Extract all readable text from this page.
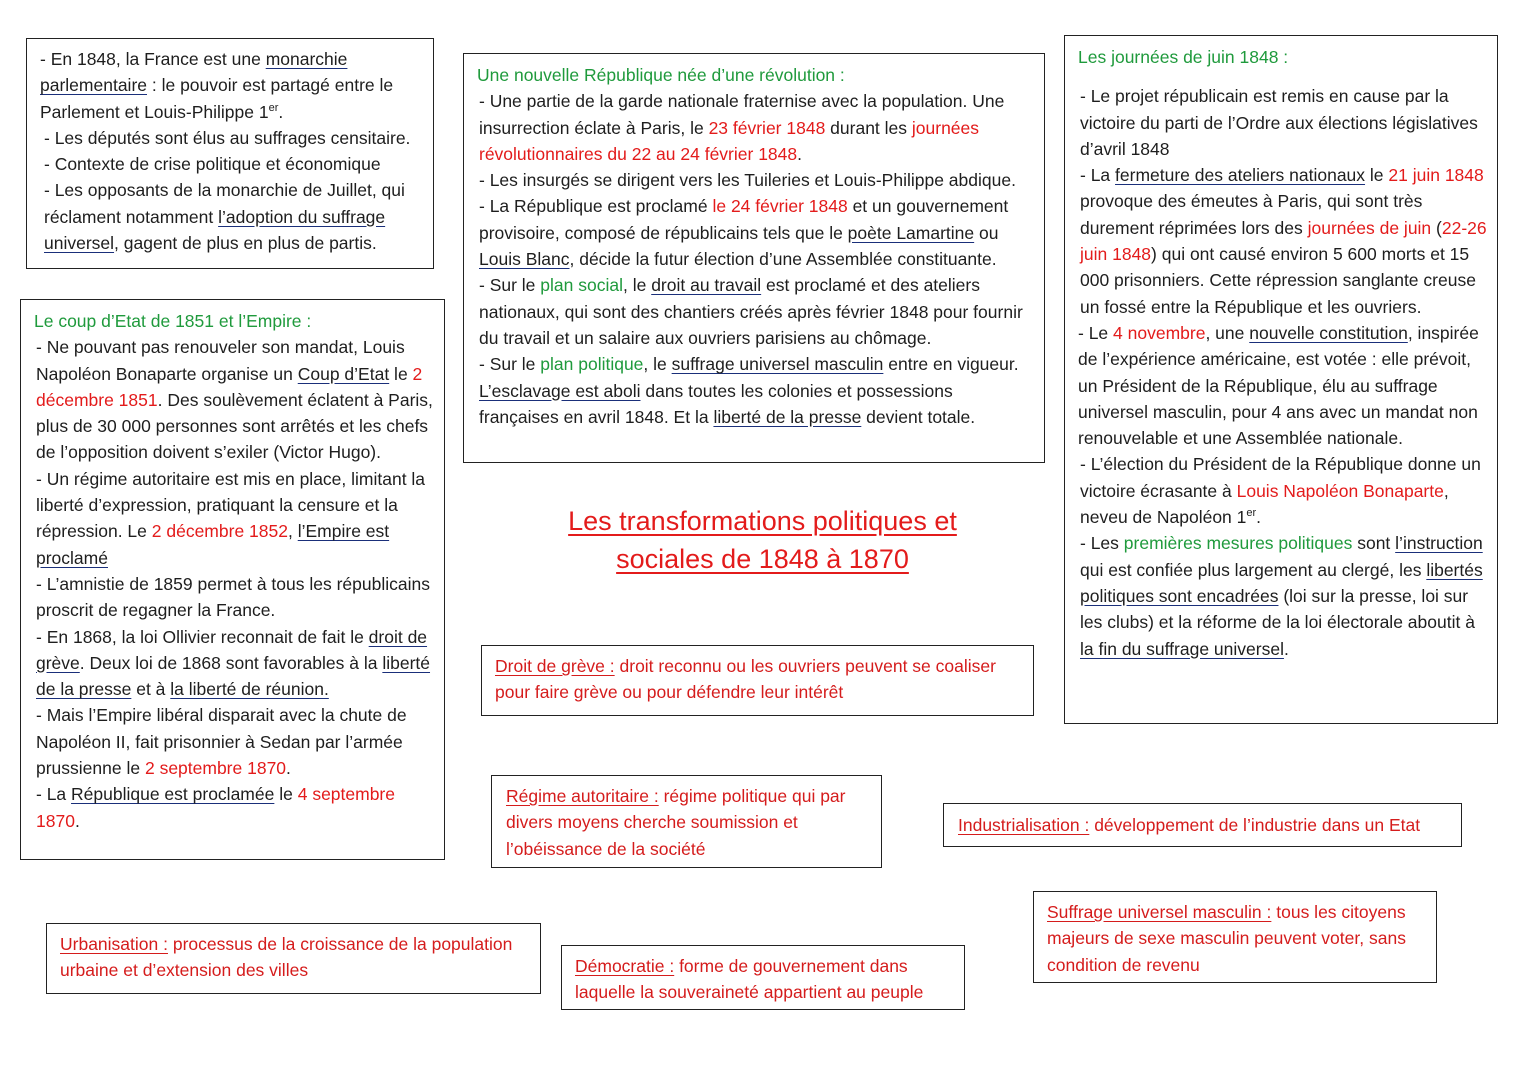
- En 1848, la France est une monarchie parlementaire : le pouvoir est partagé entre le Parlement et Louis-Philippe 1er.

- Les députés sont élus au suffrages censitaire.

- Contexte de crise politique et économique

- Les opposants de la monarchie de Juillet, qui réclament notamment l’adoption du suffrage universel, gagent de plus en plus de partis.

Une nouvelle République née d’une révolution :

- Une partie de la garde nationale fraternise avec la population. Une insurrection éclate à Paris, le 23 février 1848 durant les journées révolutionnaires du 22 au 24 février 1848.

- Les insurgés se dirigent vers les Tuileries et Louis-Philippe abdique.

- La République est proclamé le 24 février 1848 et un gouvernement provisoire, composé de républicains tels que le poète Lamartine ou Louis Blanc, décide la futur élection d’une Assemblée constituante.

- Sur le plan social, le droit au travail est proclamé et des ateliers nationaux, qui sont des chantiers créés après février 1848 pour fournir du travail et un salaire aux ouvriers parisiens au chômage.

- Sur le plan politique, le suffrage universel masculin entre en vigueur. L’esclavage est aboli dans toutes les colonies et possessions françaises en avril 1848. Et la liberté de la presse devient totale.

Les journées de juin 1848 :

- Le projet républicain est remis en cause par la victoire du parti de l’Ordre aux élections législatives d’avril 1848

- La fermeture des ateliers nationaux le 21 juin 1848 provoque des émeutes à Paris, qui sont très durement réprimées lors des journées de juin (22-26 juin 1848) qui ont causé environ 5 600 morts et 15 000 prisonniers. Cette répression sanglante creuse un fossé entre la République et les ouvriers.

- Le 4 novembre, une nouvelle constitution, inspirée de l’expérience américaine, est votée : elle prévoit, un Président de la République, élu au suffrage universel masculin, pour 4 ans avec un mandat non renouvelable et une Assemblée nationale.

- L’élection du Président de la République donne un victoire écrasante à Louis Napoléon Bonaparte, neveu de Napoléon 1er.

- Les premières mesures politiques sont l’instruction qui est confiée plus largement au clergé, les libertés politiques sont encadrées (loi sur la presse, loi sur les clubs) et la réforme de la loi électorale aboutit à la fin du suffrage universel.

Le coup d’Etat de 1851 et l’Empire :

- Ne pouvant pas renouveler son mandat, Louis Napoléon Bonaparte organise un Coup d’Etat le 2 décembre 1851. Des soulèvement éclatent à Paris, plus de 30 000 personnes sont arrêtés et les chefs de l’opposition doivent s’exiler (Victor Hugo).

- Un régime autoritaire est mis en place, limitant la liberté d’expression, pratiquant la censure et la répression. Le 2 décembre 1852, l’Empire est proclamé

- L’amnistie de 1859 permet à tous les républicains proscrit de regagner la France.

- En 1868, la loi Ollivier reconnait de fait le droit de grève. Deux loi de 1868 sont favorables à la liberté de la presse et à la liberté de réunion.

- Mais l’Empire libéral disparait avec la chute de Napoléon II, fait prisonnier à Sedan par l’armée prussienne le 2 septembre 1870.

- La République est proclamée le 4 septembre 1870.

Les transformations politiques et
sociales de 1848 à 1870
Droit de grève : droit reconnu ou les ouvriers peuvent se coaliser pour faire grève ou pour défendre leur intérêt
Régime autoritaire : régime politique qui par divers moyens cherche soumission et l’obéissance de la société
Industrialisation : développement de l’industrie dans un Etat
Suffrage universel masculin : tous les citoyens majeurs de sexe masculin peuvent voter, sans condition de revenu
Urbanisation : processus de la croissance de la population urbaine et d’extension des villes	Démocratie : forme de gouvernement dans laquelle la souveraineté appartient au peuple
